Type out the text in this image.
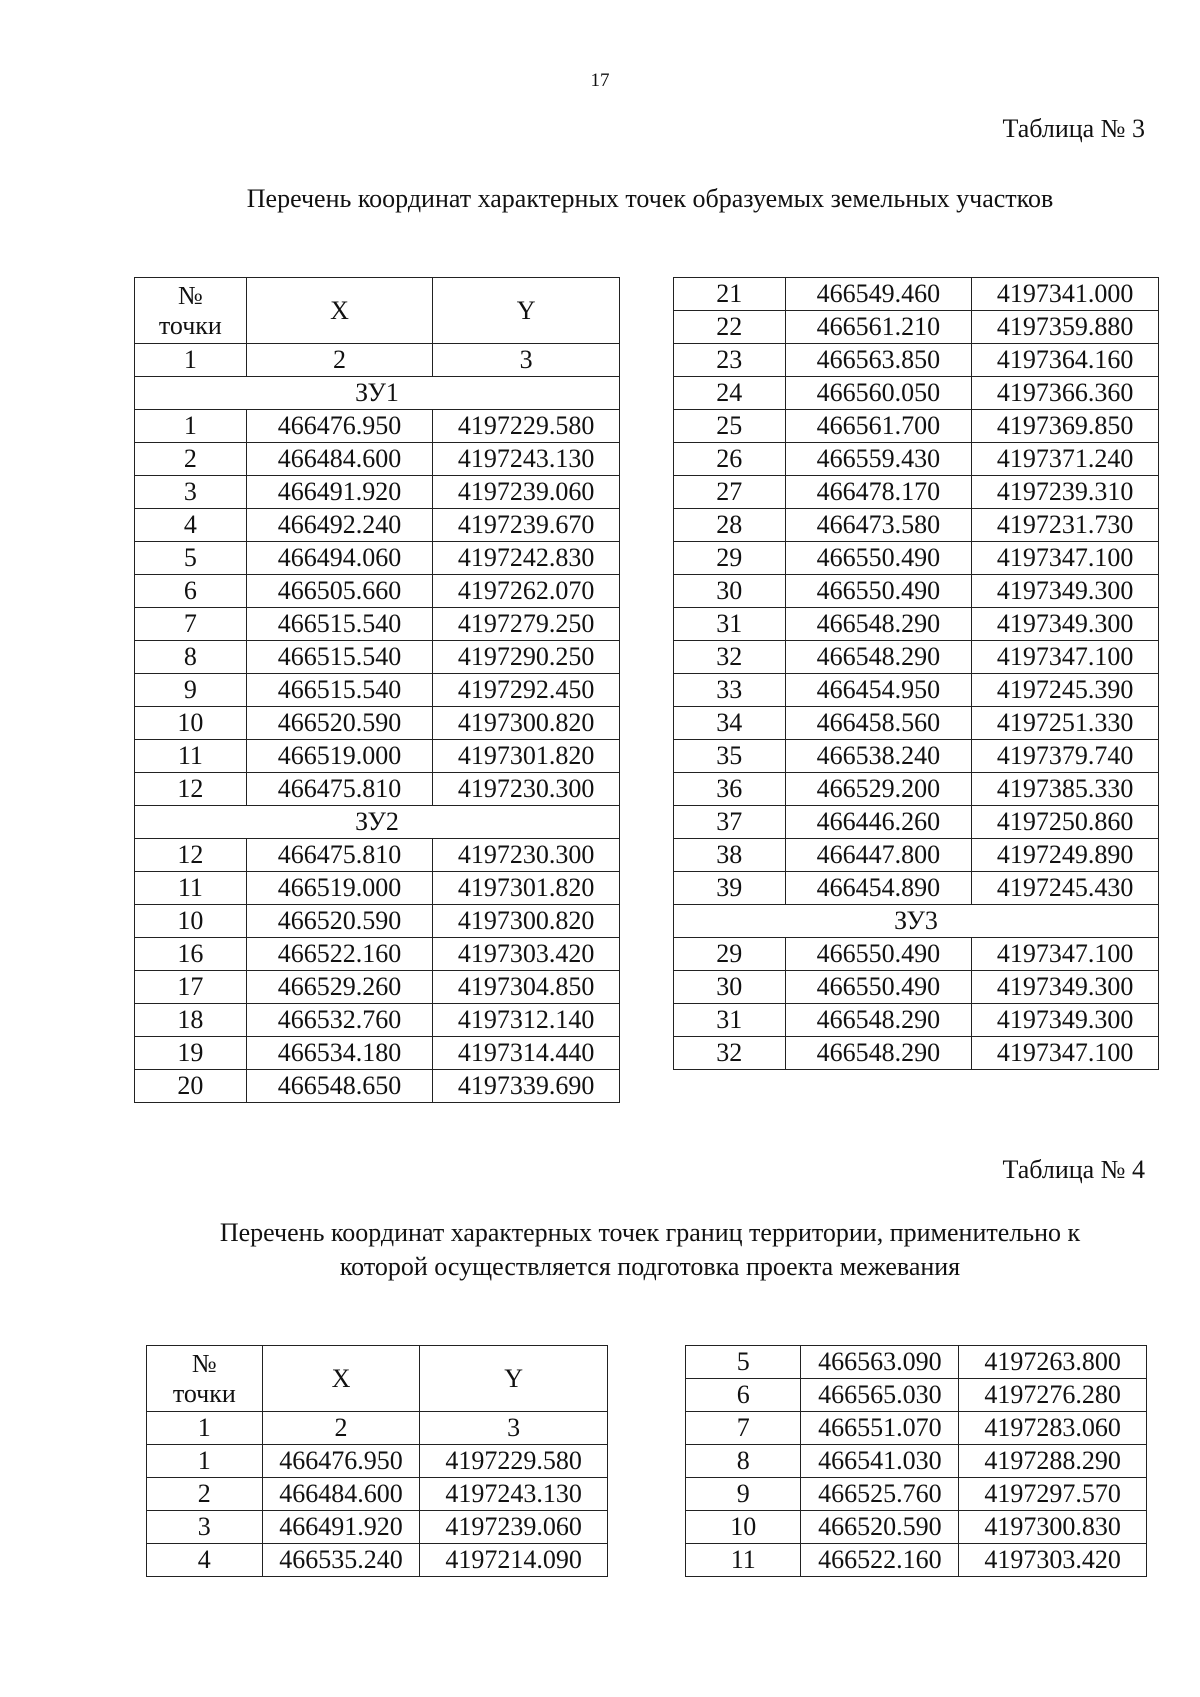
17
Таблица № 3
Перечень координат характерных точек образуемых земельных участков
№
точки	X	Y
1	2	3
ЗУ1		
1	466476.950	4197229.580
2	466484.600	4197243.130
3	466491.920	4197239.060
4	466492.240	4197239.670
5	466494.060	4197242.830
6	466505.660	4197262.070
7	466515.540	4197279.250
8	466515.540	4197290.250
9	466515.540	4197292.450
10	466520.590	4197300.820
11	466519.000	4197301.820
12	466475.810	4197230.300
ЗУ2		
12	466475.810	4197230.300
11	466519.000	4197301.820
10	466520.590	4197300.820
16	466522.160	4197303.420
17	466529.260	4197304.850
18	466532.760	4197312.140
19	466534.180	4197314.440
20	466548.650	4197339.690
21	466549.460	4197341.000
22	466561.210	4197359.880
23	466563.850	4197364.160
24	466560.050	4197366.360
25	466561.700	4197369.850
26	466559.430	4197371.240
27	466478.170	4197239.310
28	466473.580	4197231.730
29	466550.490	4197347.100
30	466550.490	4197349.300
31	466548.290	4197349.300
32	466548.290	4197347.100
33	466454.950	4197245.390
34	466458.560	4197251.330
35	466538.240	4197379.740
36	466529.200	4197385.330
37	466446.260	4197250.860
38	466447.800	4197249.890
39	466454.890	4197245.430
ЗУ3		
29	466550.490	4197347.100
30	466550.490	4197349.300
31	466548.290	4197349.300
32	466548.290	4197347.100
Таблица № 4
Перечень координат характерных точек границ территории, применительно к
которой осуществляется подготовка проекта межевания
№
точки	X	Y
1	2	3
1	466476.950	4197229.580
2	466484.600	4197243.130
3	466491.920	4197239.060
4	466535.240	4197214.090
5	466563.090	4197263.800
6	466565.030	4197276.280
7	466551.070	4197283.060
8	466541.030	4197288.290
9	466525.760	4197297.570
10	466520.590	4197300.830
11	466522.160	4197303.420
